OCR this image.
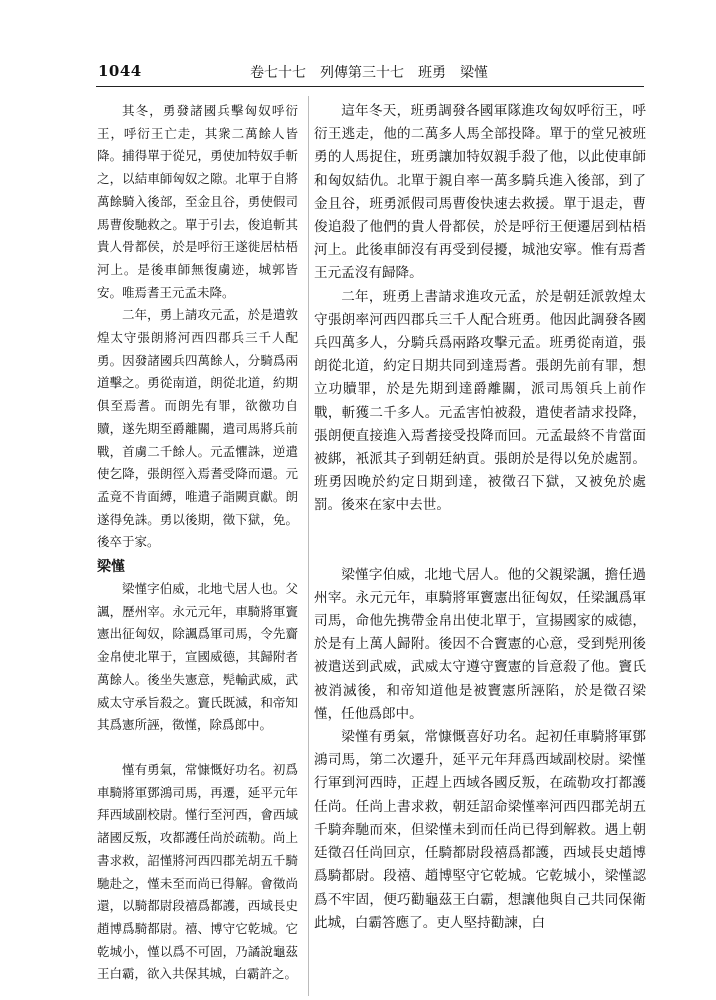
1044	卷七十七　列傳第三十七　班勇　梁慬

其冬，勇發諸國兵擊匈奴呼衍王，呼衍王亡走，其衆二萬餘人皆降。捕得單于從兄，勇使加特奴手斬之，以結車師匈奴之隙。北單于自將萬餘騎入後部，至金且谷，勇使假司馬曹俊馳救之。單于引去，俊追斬其貴人骨都侯，於是呼衍王遂徙居枯梧河上。是後車師無復虜迹，城郭皆安。唯焉耆王元孟未降。

二年，勇上請攻元孟，於是遣敦煌太守張朗將河西四郡兵三千人配勇。因發諸國兵四萬餘人，分騎爲兩道擊之。勇從南道，朗從北道，約期俱至焉耆。而朗先有罪，欲徼功自贖，遂先期至爵離關，遣司馬將兵前戰，首虜二千餘人。元孟懼誅，逆遣使乞降，張朗徑入焉耆受降而還。元孟竟不肯面縛，唯遣子詣闕貢獻。朗遂得免誅。勇以後期，徵下獄，免。後卒于家。

梁慬

梁慬字伯威，北地弋居人也。父諷，歷州宰。永元元年，車騎將軍竇憲出征匈奴，除諷爲軍司馬，令先齎金帛使北單于，宣國威德，其歸附者萬餘人。後坐失憲意，髡輸武威，武威太守承旨殺之。竇氏既滅，和帝知其爲憲所誣，徵慬，除爲郎中。

慬有勇氣，常慷慨好功名。初爲車騎將軍鄧鴻司馬，再遷，延平元年拜西域副校尉。慬行至河西，會西域諸國反叛，攻都護任尚於疏勒。尚上書求救，詔慬將河西四郡羌胡五千騎馳赴之，慬未至而尚已得解。會徵尚還，以騎都尉段禧爲都護，西域長史趙博爲騎都尉。禧、博守它乾城。它乾城小，慬以爲不可固，乃譎說龜茲王白霸，欲入共保其城，白霸許之。

這年冬天，班勇調發各國軍隊進攻匈奴呼衍王，呼衍王逃走，他的二萬多人馬全部投降。單于的堂兄被班勇的人馬捉住，班勇讓加特奴親手殺了他，以此使車師和匈奴結仇。北單于親自率一萬多騎兵進入後部，到了金且谷，班勇派假司馬曹俊快速去救援。單于退走，曹俊追殺了他們的貴人骨都侯，於是呼衍王便遷居到枯梧河上。此後車師沒有再受到侵擾，城池安寧。惟有焉耆王元孟沒有歸降。

二年，班勇上書請求進攻元孟，於是朝廷派敦煌太守張朗率河西四郡兵三千人配合班勇。他因此調發各國兵四萬多人，分騎兵爲兩路攻擊元孟。班勇從南道，張朗從北道，約定日期共同到達焉耆。張朗先前有罪，想立功贖罪，於是先期到達爵離關，派司馬領兵上前作戰，斬獲二千多人。元孟害怕被殺，遣使者請求投降，張朗便直接進入焉耆接受投降而回。元孟最終不肯當面被綁，衹派其子到朝廷納貢。張朗於是得以免於處罰。班勇因晚於約定日期到達，被徵召下獄，又被免於處罰。後來在家中去世。

梁慬字伯威，北地弋居人。他的父親梁諷，擔任過州宰。永元元年，車騎將軍竇憲出征匈奴，任梁諷爲軍司馬，命他先携帶金帛出使北單于，宣揚國家的威德，於是有上萬人歸附。後因不合竇憲的心意，受到髡刑後被遣送到武威，武威太守遵守竇憲的旨意殺了他。竇氏被消滅後，和帝知道他是被竇憲所誣陷，於是徵召梁慬，任他爲郎中。

梁慬有勇氣，常慷慨喜好功名。起初任車騎將軍鄧鴻司馬，第二次遷升，延平元年拜爲西域副校尉。梁慬行軍到河西時，正趕上西域各國反叛，在疏勒攻打都護任尚。任尚上書求救，朝廷詔命梁慬率河西四郡羌胡五千騎奔馳而來，但梁慬未到而任尚已得到解救。遇上朝廷徵召任尚回京，任騎都尉段禧爲都護，西域長史趙博爲騎都尉。段禧、趙博堅守它乾城。它乾城小，梁慬認爲不牢固，便巧勸龜茲王白霸，想讓他與自己共同保衛此城，白霸答應了。吏人堅持勸諫，白
